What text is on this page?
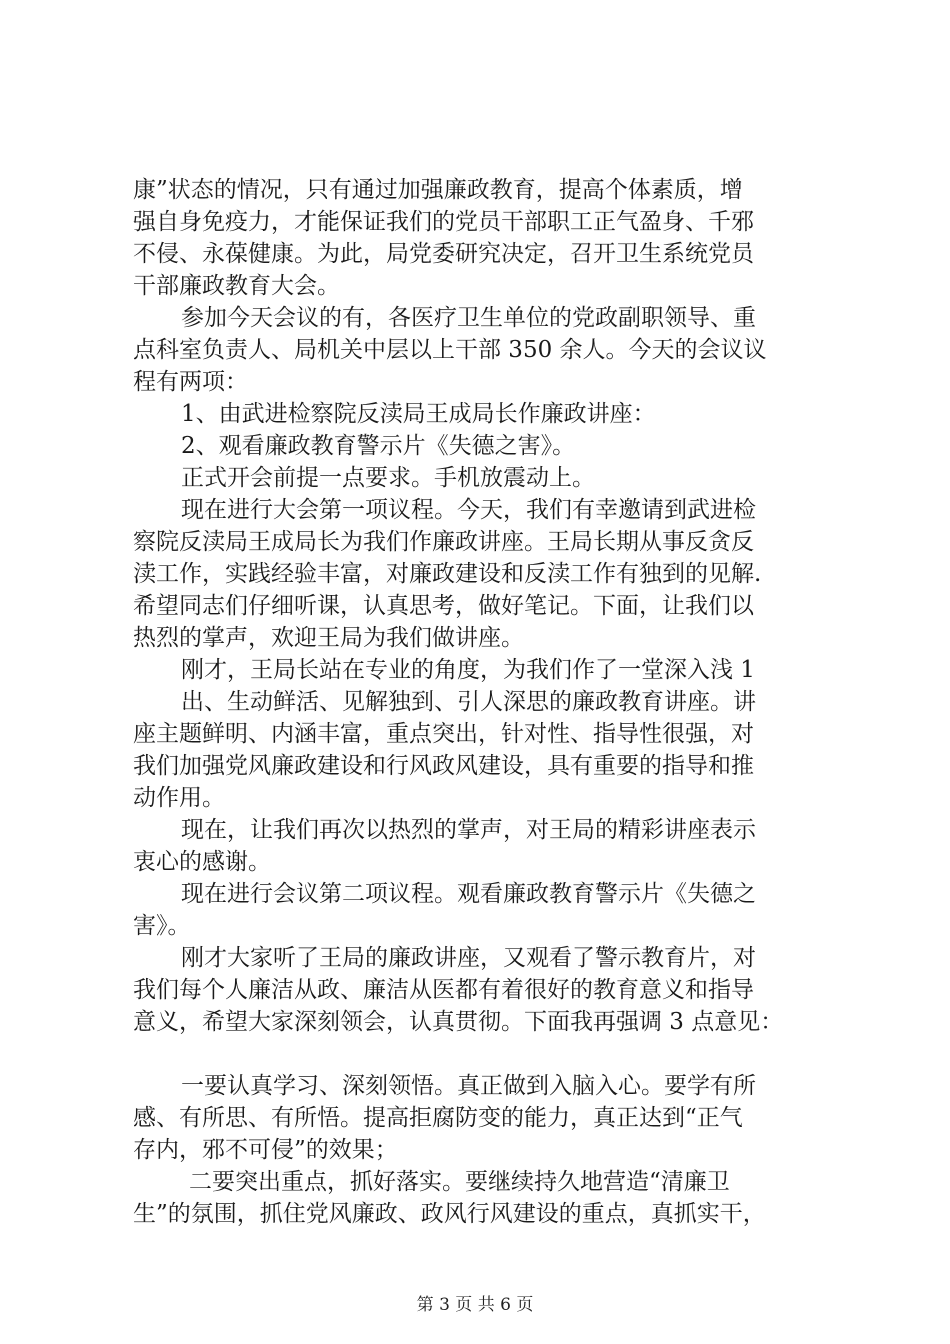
康”状态的情况，只有通过加强廉政教育，提高个体素质，增
强自身免疫力，才能保证我们的党员干部职工正气盈身、千邪
不侵、永葆健康。为此，局党委研究决定，召开卫生系统党员
干部廉政教育大会。
参加今天会议的有，各医疗卫生单位的党政副职领导、重
点科室负责人、局机关中层以上干部 350 余人。今天的会议议
程有两项：
1、由武进检察院反渎局王成局长作廉政讲座：
2、观看廉政教育警示片《失德之害》。
正式开会前提一点要求。手机放震动上。
现在进行大会第一项议程。今天，我们有幸邀请到武进检
察院反渎局王成局长为我们作廉政讲座。王局长期从事反贪反
渎工作，实践经验丰富，对廉政建设和反渎工作有独到的见解.
希望同志们仔细听课，认真思考，做好笔记。下面，让我们以
热烈的掌声，欢迎王局为我们做讲座。
刚才，王局长站在专业的角度，为我们作了一堂深入浅 1
出、生动鲜活、见解独到、引人深思的廉政教育讲座。讲
座主题鲜明、内涵丰富，重点突出，针对性、指导性很强，对
我们加强党风廉政建设和行风政风建设，具有重要的指导和推
动作用。
现在，让我们再次以热烈的掌声，对王局的精彩讲座表示
衷心的感谢。
现在进行会议第二项议程。观看廉政教育警示片《失德之
害》。
刚才大家听了王局的廉政讲座，又观看了警示教育片，对
我们每个人廉洁从政、廉洁从医都有着很好的教育意义和指导
意义，希望大家深刻领会，认真贯彻。下面我再强调 3 点意见：
一要认真学习、深刻领悟。真正做到入脑入心。要学有所
感、有所思、有所悟。提高拒腐防变的能力，真正达到“正气
存内，邪不可侵”的效果；
二要突出重点，抓好落实。要继续持久地营造“清廉卫
生”的氛围，抓住党风廉政、政风行风建设的重点，真抓实干，
第 3 页 共 6 页
